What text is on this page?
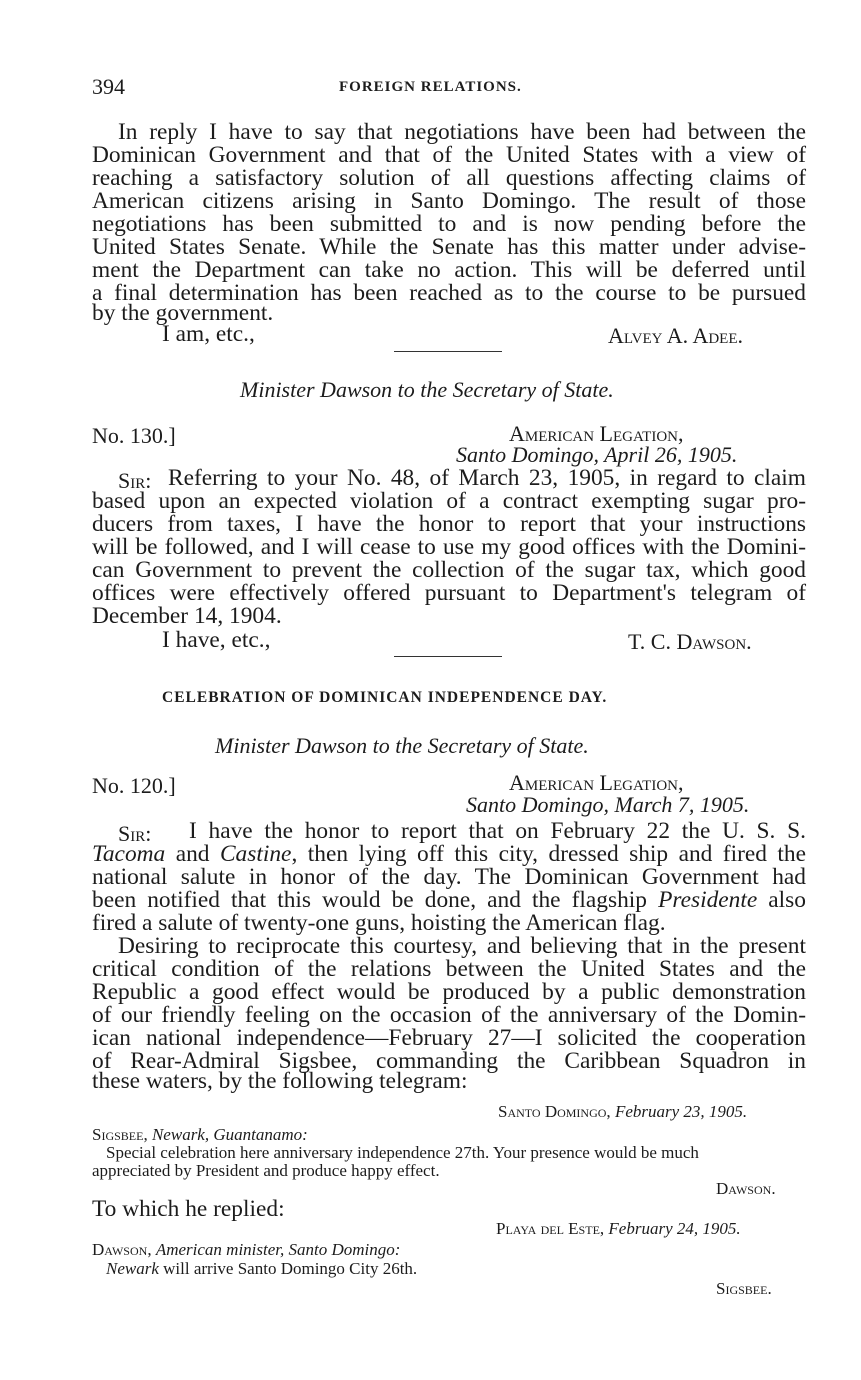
394	FOREIGN RELATIONS.
In reply I have to say that negotiations have been had between the
Dominican Government and that of the United States with a view of
reaching a satisfactory solution of all questions affecting claims of
American citizens arising in Santo Domingo. The result of those
negotiations has been submitted to and is now pending before the
United States Senate. While the Senate has this matter under advise-
ment the Department can take no action. This will be deferred until
a final determination has been reached as to the course to be pursued
by the government.
I am, etc.,	Alvey A. Adee.
Minister Dawson to the Secretary of State.
No. 130.]	American Legation,
Santo Domingo, April 26, 1905.
Sir: Referring to your No. 48, of March 23, 1905, in regard to claim
based upon an expected violation of a contract exempting sugar pro-
ducers from taxes, I have the honor to report that your instructions
will be followed, and I will cease to use my good offices with the Domini-
can Government to prevent the collection of the sugar tax, which good
offices were effectively offered pursuant to Department's telegram of
December 14, 1904.
I have, etc.,	T. C. Dawson.
CELEBRATION OF DOMINICAN INDEPENDENCE DAY.
Minister Dawson to the Secretary of State.
No. 120.]	American Legation,
Santo Domingo, March 7, 1905.
Sir: I have the honor to report that on February 22 the U. S. S.
Tacoma and Castine, then lying off this city, dressed ship and fired the
national salute in honor of the day. The Dominican Government had
been notified that this would be done, and the flagship Presidente also
fired a salute of twenty-one guns, hoisting the American flag.
Desiring to reciprocate this courtesy, and believing that in the present
critical condition of the relations between the United States and the
Republic a good effect would be produced by a public demonstration
of our friendly feeling on the occasion of the anniversary of the Domin-
ican national independence—February 27—I solicited the cooperation
of Rear-Admiral Sigsbee, commanding the Caribbean Squadron in
these waters, by the following telegram:
Santo Domingo, February 23, 1905.
Sigsbee, Newark, Guantanamo:
Special celebration here anniversary independence 27th. Your presence would be much
appreciated by President and produce happy effect.
Dawson.
To which he replied:
Playa del Este, February 24, 1905.
Dawson, American minister, Santo Domingo:
Newark will arrive Santo Domingo City 26th.
Sigsbee.
